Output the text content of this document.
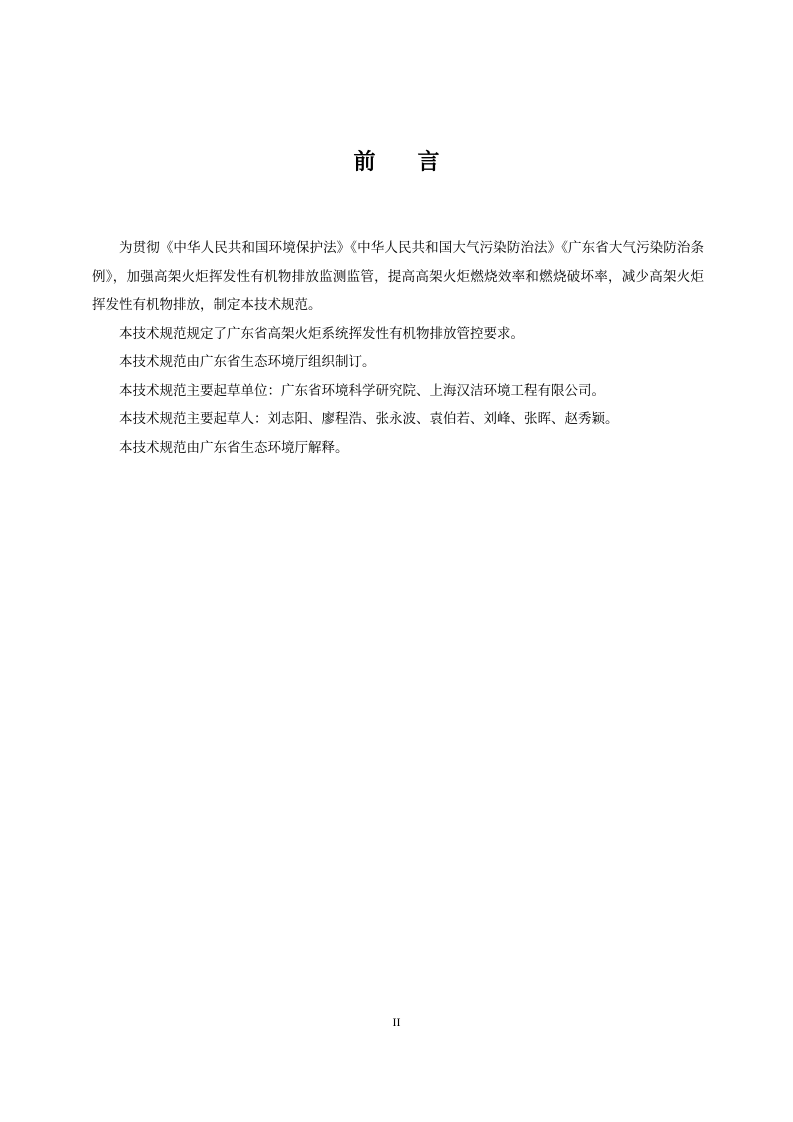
前言

为贯彻《中华人民共和国环境保护法》《中华人民共和国大气污染防治法》《广东省大气污染防治条例》，加强高架火炬挥发性有机物排放监测监管，提高高架火炬燃烧效率和燃烧破坏率，减少高架火炬挥发性有机物排放，制定本技术规范。

本技术规范规定了广东省高架火炬系统挥发性有机物排放管控要求。

本技术规范由广东省生态环境厅组织制订。

本技术规范主要起草单位：广东省环境科学研究院、上海汉洁环境工程有限公司。

本技术规范主要起草人：刘志阳、廖程浩、张永波、袁伯若、刘峰、张晖、赵秀颖。

本技术规范由广东省生态环境厅解释。

II
